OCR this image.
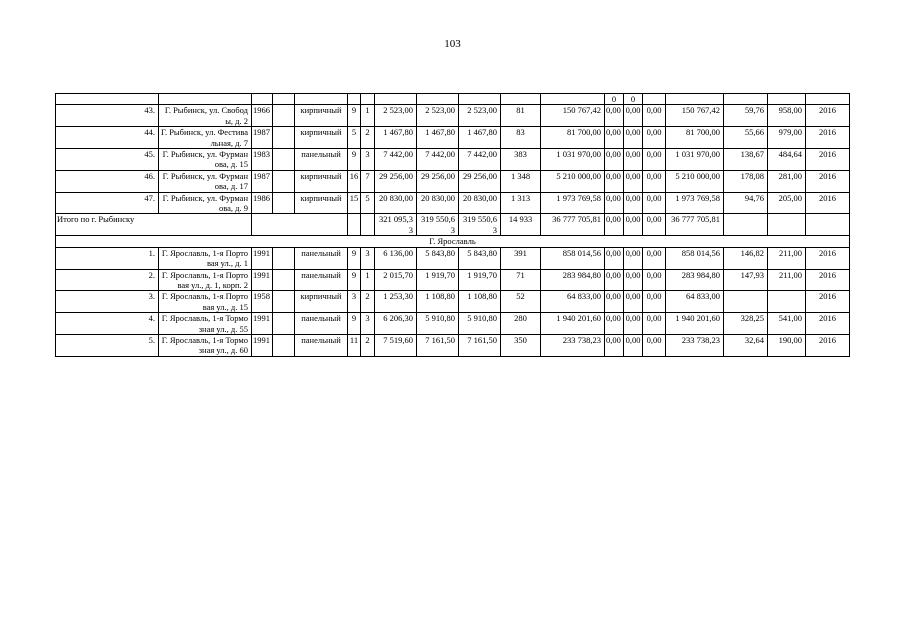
103
												0	0					
43.	Г. Рыбинск, ул. Свободы, д. 2	1966		кирпичный	9	1	2 523,00	2 523,00	2 523,00	81	150 767,42	0,00	0,00	0,00	150 767,42	59,76	958,00	2016
44.	Г. Рыбинск, ул. Фестивальная, д. 7	1987		кирпичный	5	2	1 467,80	1 467,80	1 467,80	83	81 700,00	0,00	0,00	0,00	81 700,00	55,66	979,00	2016
45.	Г. Рыбинск, ул. Фурманова, д. 15	1983		панельный	9	3	7 442,00	7 442,00	7 442,00	383	1 031 970,00	0,00	0,00	0,00	1 031 970,00	138,67	484,64	2016
46.	Г. Рыбинск, ул. Фурманова, д. 17	1987		кирпичный	16	7	29 256,00	29 256,00	29 256,00	1 348	5 210 000,00	0,00	0,00	0,00	5 210 000,00	178,08	281,00	2016
47.	Г. Рыбинск, ул. Фурманова, д. 9	1986		кирпичный	15	5	20 830,00	20 830,00	20 830,00	1 313	1 973 769,58	0,00	0,00	0,00	1 973 769,58	94,76	205,00	2016
Итого по г. Рыбинску							321 095,33	319 550,63	319 550,63	14 933	36 777 705,81	0,00	0,00	0,00	36 777 705,81			
Г. Ярославль																		
1.	Г. Ярославль, 1-я Портовая ул., д. 1	1991		панельный	9	3	6 136,00	5 843,80	5 843,80	391	858 014,56	0,00	0,00	0,00	858 014,56	146,82	211,00	2016
2.	Г. Ярославль, 1-я Портовая ул., д. 1, корп. 2	1991		панельный	9	1	2 015,70	1 919,70	1 919,70	71	283 984,80	0,00	0,00	0,00	283 984,80	147,93	211,00	2016
3.	Г. Ярославль, 1-я Портовая ул., д. 15	1958		кирпичный	3	2	1 253,30	1 108,80	1 108,80	52	64 833,00	0,00	0,00	0,00	64 833,00			2016
4.	Г. Ярославль, 1-я Тормозная ул., д. 55	1991		панельный	9	3	6 206,30	5 910,80	5 910,80	280	1 940 201,60	0,00	0,00	0,00	1 940 201,60	328,25	541,00	2016
5.	Г. Ярославль, 1-я Тормозная ул., д. 60	1991		панельный	11	2	7 519,60	7 161,50	7 161,50	350	233 738,23	0,00	0,00	0,00	233 738,23	32,64	190,00	2016
